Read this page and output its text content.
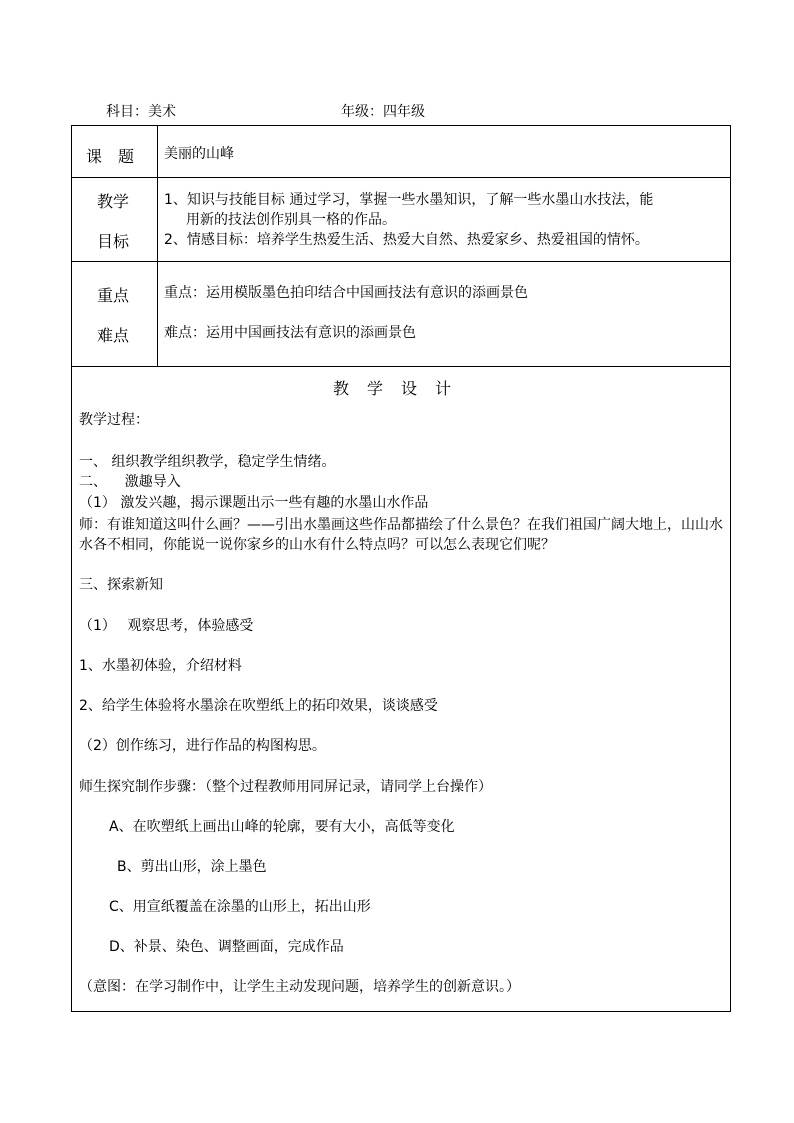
科目：美术	年级：四年级
课　题 美丽的山峰
教学
目标
1、知识与技能目标 通过学习，掌握一些水墨知识，了解一些水墨山水技法，能
用新的技法创作别具一格的作品。
2、情感目标：培养学生热爱生活、热爱大自然、热爱家乡、热爱祖国的情怀。
重点 重点：运用模版墨色拍印结合中国画技法有意识的添画景色
难点 难点：运用中国画技法有意识的添画景色
教学设计
教学过程：
一、 组织教学组织教学，稳定学生情绪。
二、    激趣导入
（1） 激发兴趣，揭示课题出示一些有趣的水墨山水作品
师：有谁知道这叫什么画？——引出水墨画这些作品都描绘了什么景色？在我们祖国广阔大地上，山山水
水各不相同，你能说一说你家乡的山水有什么特点吗？可以怎么表现它们呢？
三、探索新知
（1）　 观察思考，体验感受
1、水墨初体验，介绍材料
2、给学生体验将水墨涂在吹塑纸上的拓印效果，谈谈感受
（2）创作练习，进行作品的构图构思。
师生探究制作步骤：（整个过程教师用同屏记录，请同学上台操作）
A、在吹塑纸上画出山峰的轮廓，要有大小，高低等变化
B、剪出山形，涂上墨色
C、用宣纸覆盖在涂墨的山形上，拓出山形
D、补景、染色、调整画面，完成作品
（意图：在学习制作中，让学生主动发现问题，培养学生的创新意识。）
